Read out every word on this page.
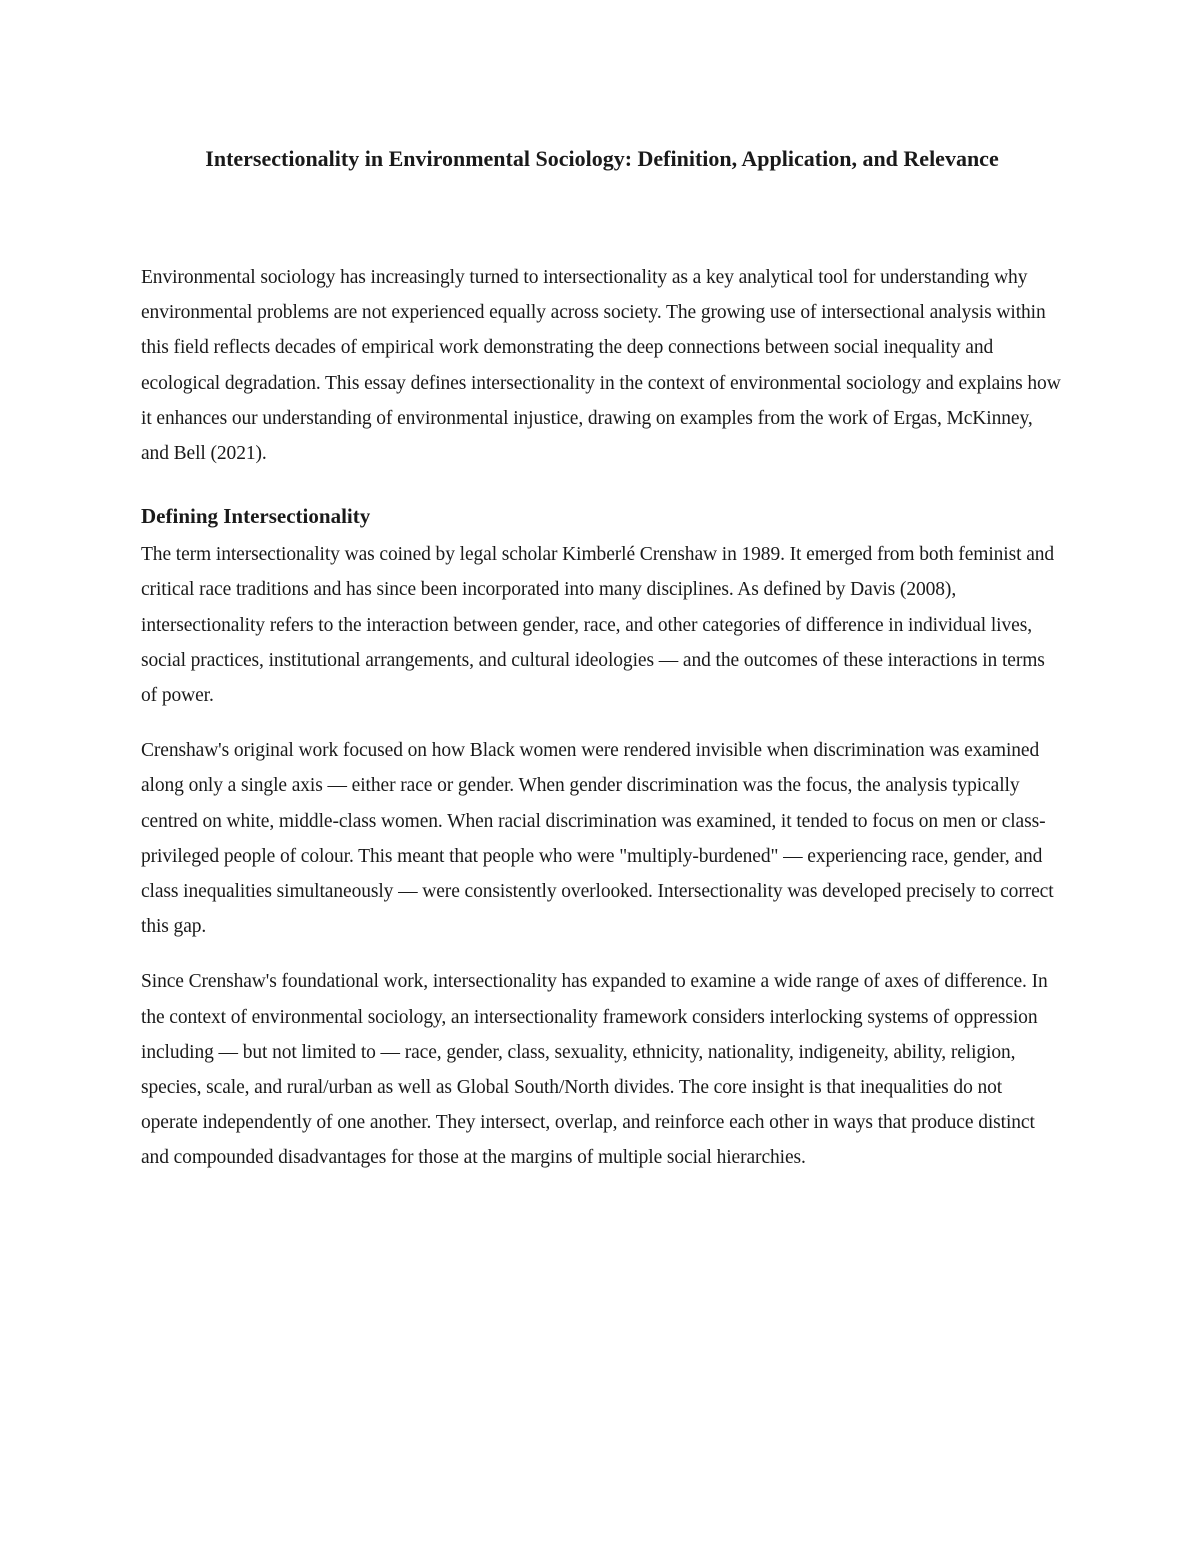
Intersectionality in Environmental Sociology: Definition, Application, and Relevance

Environmental sociology has increasingly turned to intersectionality as a key analytical tool for understanding why environmental problems are not experienced equally across society. The growing use of intersectional analysis within this field reflects decades of empirical work demonstrating the deep connections between social inequality and ecological degradation. This essay defines intersectionality in the context of environmental sociology and explains how it enhances our understanding of environmental injustice, drawing on examples from the work of Ergas, McKinney, and Bell (2021).

Defining Intersectionality

The term intersectionality was coined by legal scholar Kimberlé Crenshaw in 1989. It emerged from both feminist and critical race traditions and has since been incorporated into many disciplines. As defined by Davis (2008), intersectionality refers to the interaction between gender, race, and other categories of difference in individual lives, social practices, institutional arrangements, and cultural ideologies — and the outcomes of these interactions in terms of power.

Crenshaw's original work focused on how Black women were rendered invisible when discrimination was examined along only a single axis — either race or gender. When gender discrimination was the focus, the analysis typically centred on white, middle-class women. When racial discrimination was examined, it tended to focus on men or class-privileged people of colour. This meant that people who were "multiply-burdened" — experiencing race, gender, and class inequalities simultaneously — were consistently overlooked. Intersectionality was developed precisely to correct this gap.

Since Crenshaw's foundational work, intersectionality has expanded to examine a wide range of axes of difference. In the context of environmental sociology, an intersectionality framework considers interlocking systems of oppression including — but not limited to — race, gender, class, sexuality, ethnicity, nationality, indigeneity, ability, religion, species, scale, and rural/urban as well as Global South/North divides. The core insight is that inequalities do not operate independently of one another. They intersect, overlap, and reinforce each other in ways that produce distinct and compounded disadvantages for those at the margins of multiple social hierarchies.
